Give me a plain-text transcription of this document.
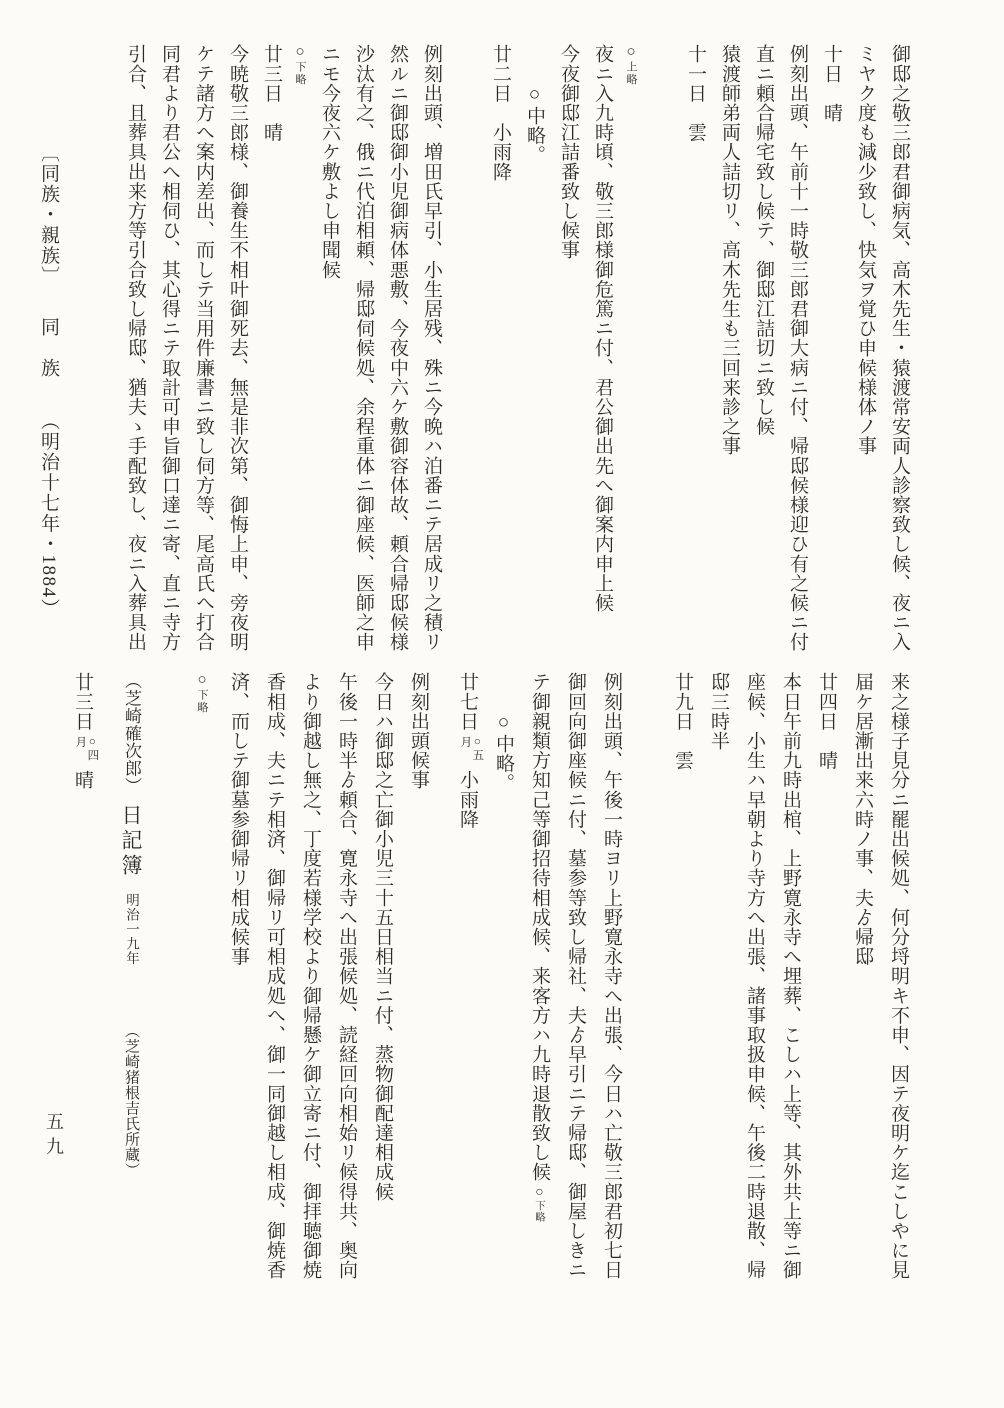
〔同族・親族〕 同　族 （明治十七年・1884）	御邸之敬三郎君御病気、高木先生・猿渡常安両人診察致し候、夜ニ入
ミヤク度も減少致し、快気ヲ覚ひ申候様体ノ事
十日　晴
例刻出頭、午前十一時敬三郎君御大病ニ付、帰邸候様迎ひ有之候ニ付
直ニ頼合帰宅致し候テ、御邸江詰切ニ致し候
猿渡師弟両人詰切リ、高木先生も三回来診之事
十一日　雲
○上略
夜ニ入九時頃、敬三郎様御危篤ニ付、君公御出先へ御案内申上候
今夜御邸江詰番致し候事
○中略。
廿二日　小雨降
例刻出頭、増田氏早引、小生居残、殊ニ今晩ハ泊番ニテ居成リ之積リ
然ルニ御邸御小児御病体悪敷、今夜中六ケ敷御容体故、頼合帰邸候様
沙汰有之、俄ニ代泊相頼、帰邸伺候処、余程重体ニ御座候、医師之申
ニモ今夜六ケ敷よし申聞候
○下略
廿三日　晴
今暁敬三郎様、御養生不相叶御死去、無是非次第、御悔上申、旁夜明
ケテ諸方へ案内差出、而しテ当用件廉書ニ致し伺方等、尾高氏へ打合
同君より君公へ相伺ひ、其心得ニテ取計可申旨御口達ニ寄、直ニ寺方
引合、且葬具出来方等引合致し帰邸、猶夫ゝ手配致し、夜ニ入葬具出
来之様子見分ニ罷出候処、何分埒明キ不申、因テ夜明ケ迄こしやに見
届ケ居漸出来六時ノ事、夫ゟ帰邸
廿四日　晴
本日午前九時出棺、上野寛永寺へ埋葬、こしハ上等、其外共上等ニ御
座候、小生ハ早朝より寺方へ出張、諸事取扱申候、午後二時退散、帰
邸三時半
廿九日　雲
例刻出頭、午後一時ヨリ上野寛永寺へ出張、今日ハ亡敬三郎君初七日
御回向御座候ニ付、墓参等致し帰社、夫ゟ早引ニテ帰邸、御屋しきニ
テ御親類方知己等御招待相成候、来客方ハ九時退散致し候○下略
○中略。
廿七日
○五
月
小雨降
例刻出頭候事
今日ハ御邸之亡御小児三十五日相当ニ付、蒸物御配達相成候
午後一時半ゟ頼合、寛永寺へ出張候処、読経回向相始リ候得共、奥向
より御越し無之、丁度若様学校より御帰懸ケ御立寄ニ付、御拝聴御焼
香相成、夫ニテ相済、御帰リ可相成処へ、御一同御越し相成、御焼香
済、而しテ御墓参御帰リ相成候事
○下略
（芝崎確次郎）日記簿明治一九年（芝崎猪根吉氏所蔵）
廿三日
○四
月
晴
五九
